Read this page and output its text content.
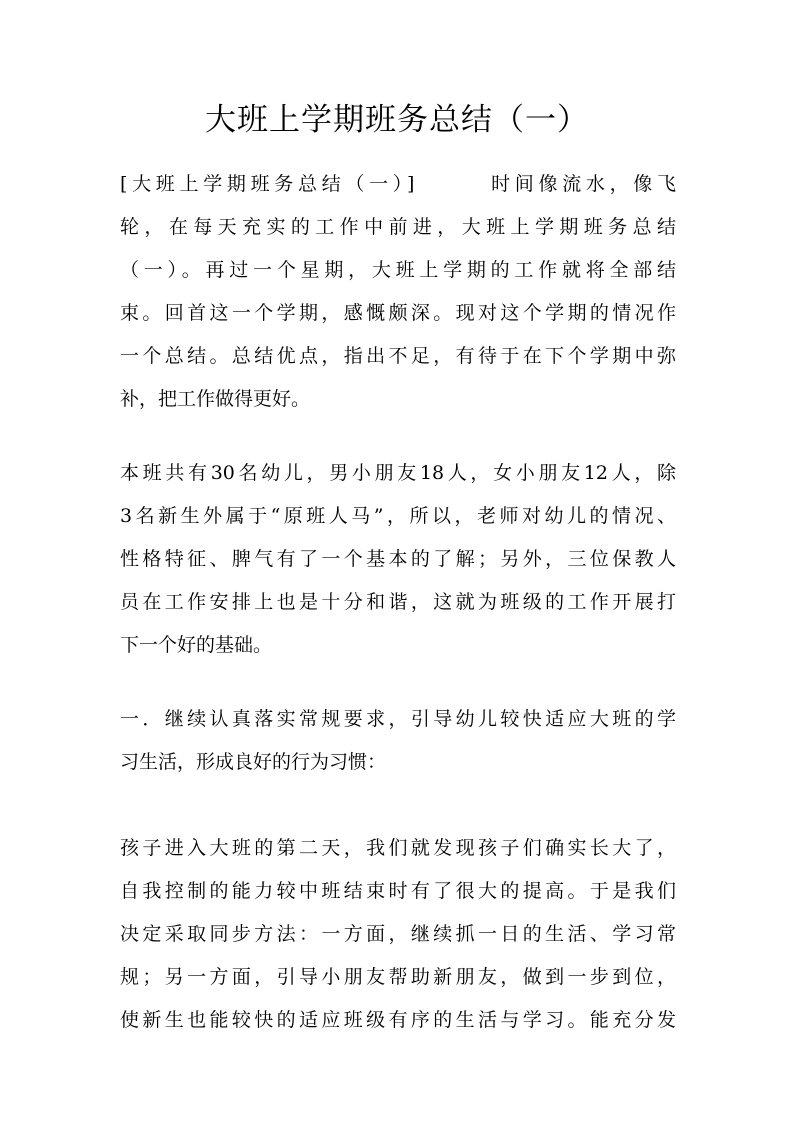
大班上学期班务总结（一）
[大班上学期班务总结（一）]	时间像流水，像飞
轮，在每天充实的工作中前进，大班上学期班务总结
（一）。再过一个星期，大班上学期的工作就将全部结
束。回首这一个学期，感慨颇深。现对这个学期的情况作
一个总结。总结优点，指出不足，有待于在下个学期中弥
补，把工作做得更好。
本班共有30名幼儿，男小朋友18人，女小朋友12人，除
3名新生外属于“原班人马”，所以，老师对幼儿的情况、
性格特征、脾气有了一个基本的了解；另外，三位保教人
员在工作安排上也是十分和谐，这就为班级的工作开展打
下一个好的基础。
一．继续认真落实常规要求，引导幼儿较快适应大班的学
习生活，形成良好的行为习惯：
孩子进入大班的第二天，我们就发现孩子们确实长大了，
自我控制的能力较中班结束时有了很大的提高。于是我们
决定采取同步方法：一方面，继续抓一日的生活、学习常
规；另一方面，引导小朋友帮助新朋友，做到一步到位，
使新生也能较快的适应班级有序的生活与学习。能充分发
